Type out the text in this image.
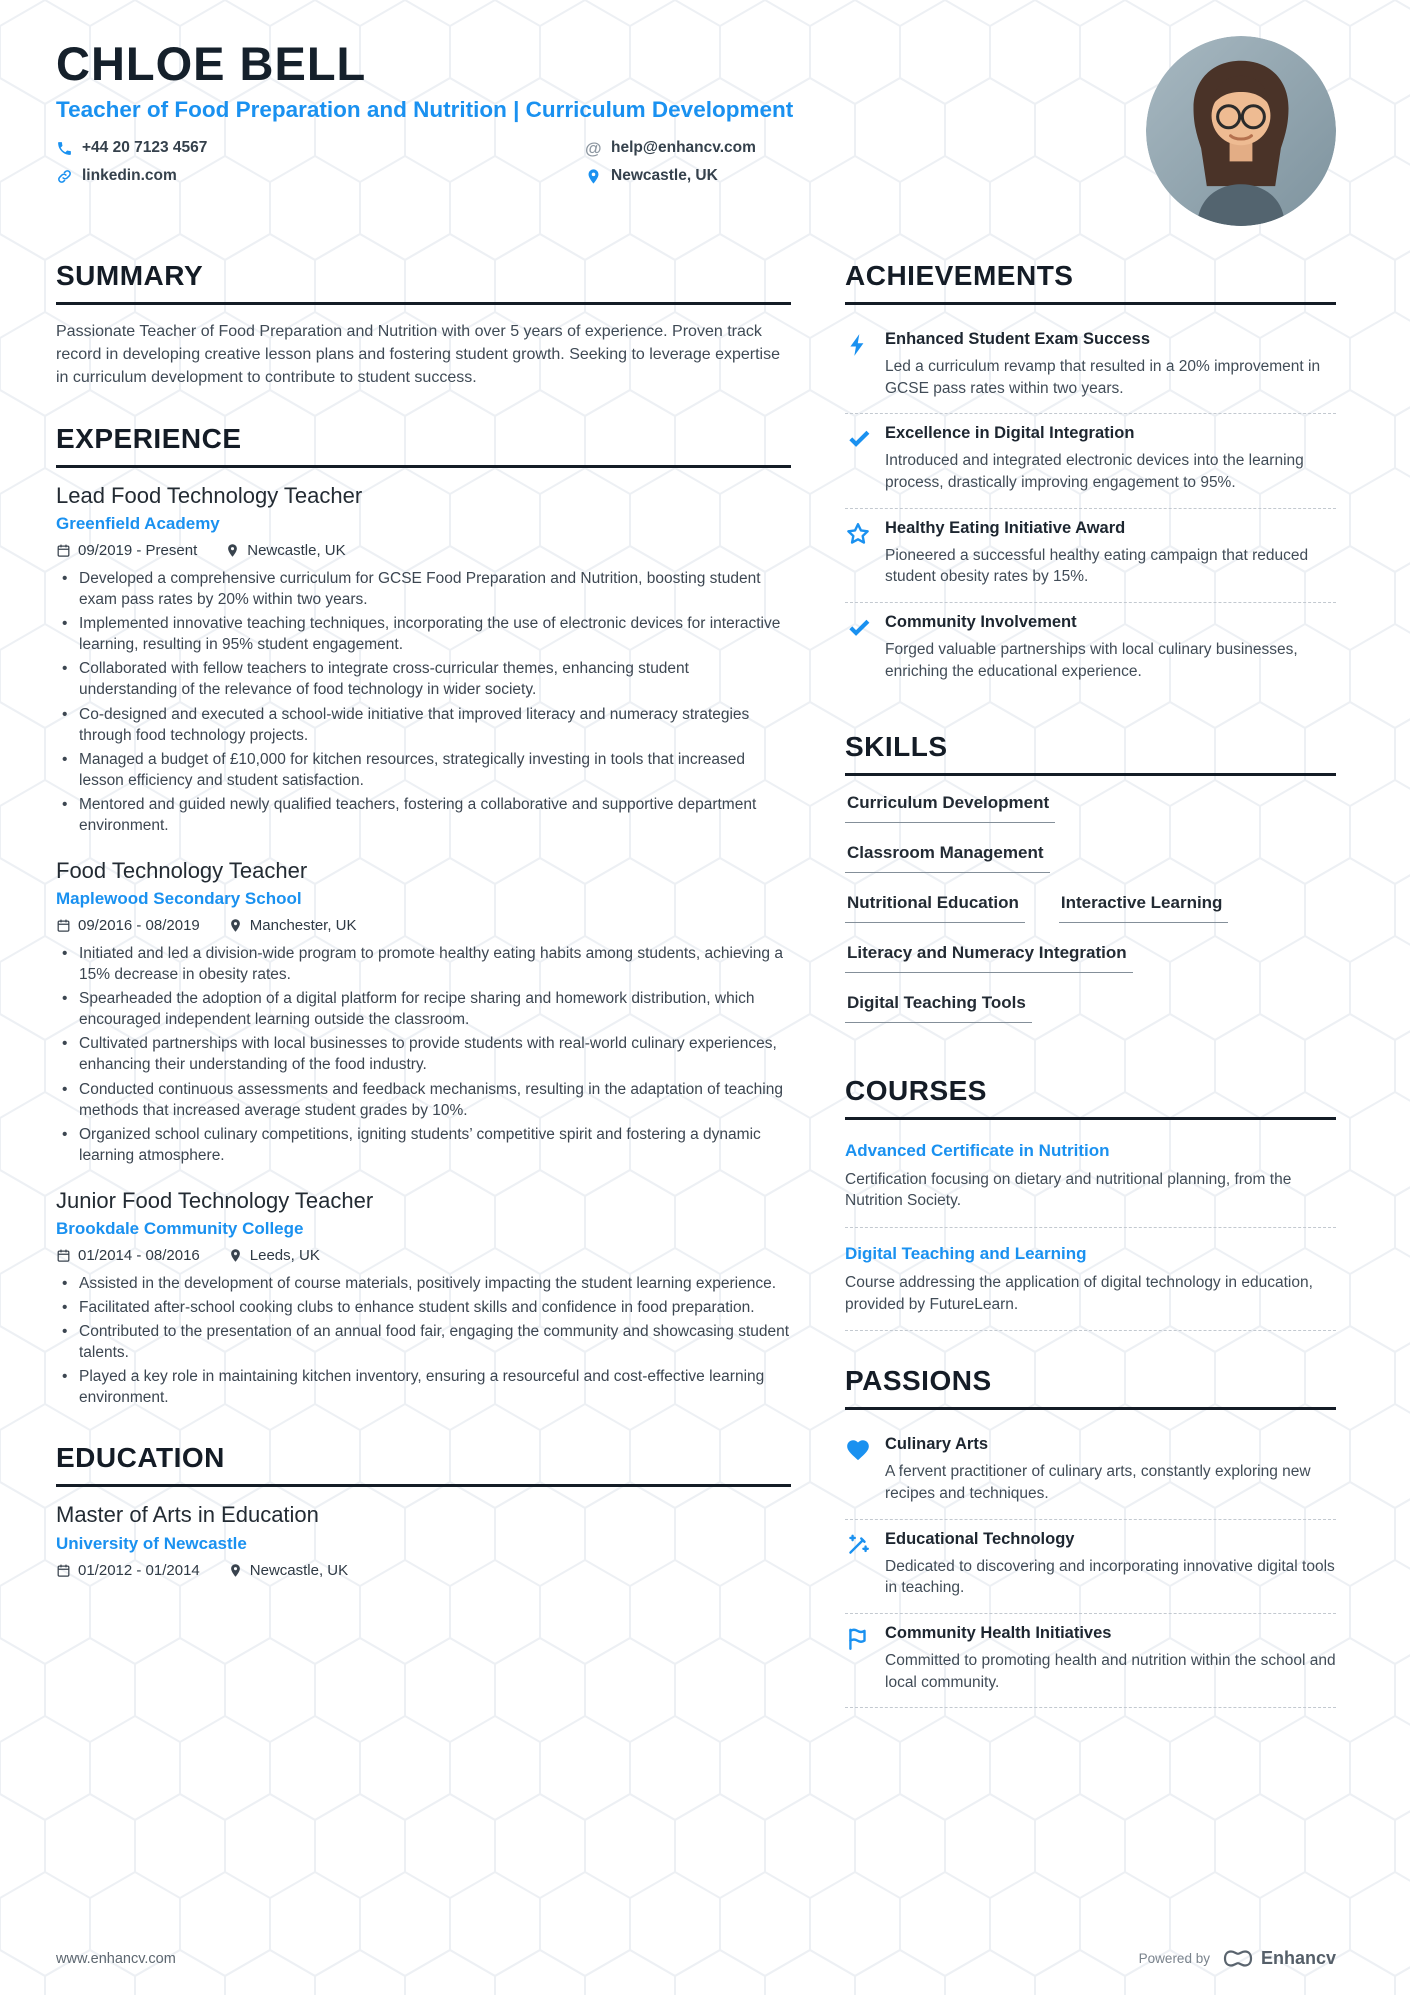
CHLOE BELL
Teacher of Food Preparation and Nutrition | Curriculum Development
+44 20 7123 4567	@ help@enhancv.com
linkedin.com	Newcastle, UK
SUMMARY

Passionate Teacher of Food Preparation and Nutrition with over 5 years of experience. Proven track record in developing creative lesson plans and fostering student growth. Seeking to leverage expertise in curriculum development to contribute to student success.

EXPERIENCE
Lead Food Technology Teacher
Greenfield Academy
09/2019 - Present	Newcastle, UK
• Developed a comprehensive curriculum for GCSE Food Preparation and Nutrition, boosting student exam pass rates by 20% within two years.
• Implemented innovative teaching techniques, incorporating the use of electronic devices for interactive learning, resulting in 95% student engagement.
• Collaborated with fellow teachers to integrate cross-curricular themes, enhancing student understanding of the relevance of food technology in wider society.
• Co-designed and executed a school-wide initiative that improved literacy and numeracy strategies through food technology projects.
• Managed a budget of £10,000 for kitchen resources, strategically investing in tools that increased lesson efficiency and student satisfaction.
• Mentored and guided newly qualified teachers, fostering a collaborative and supportive department environment.
Food Technology Teacher
Maplewood Secondary School
09/2016 - 08/2019	Manchester, UK
• Initiated and led a division-wide program to promote healthy eating habits among students, achieving a 15% decrease in obesity rates.
• Spearheaded the adoption of a digital platform for recipe sharing and homework distribution, which encouraged independent learning outside the classroom.
• Cultivated partnerships with local businesses to provide students with real-world culinary experiences, enhancing their understanding of the food industry.
• Conducted continuous assessments and feedback mechanisms, resulting in the adaptation of teaching methods that increased average student grades by 10%.
• Organized school culinary competitions, igniting students’ competitive spirit and fostering a dynamic learning atmosphere.
Junior Food Technology Teacher
Brookdale Community College
01/2014 - 08/2016	Leeds, UK
• Assisted in the development of course materials, positively impacting the student learning experience.
• Facilitated after-school cooking clubs to enhance student skills and confidence in food preparation.
• Contributed to the presentation of an annual food fair, engaging the community and showcasing student talents.
• Played a key role in maintaining kitchen inventory, ensuring a resourceful and cost-effective learning environment.
EDUCATION
Master of Arts in Education
University of Newcastle
01/2012 - 01/2014	Newcastle, UK
ACHIEVEMENTS
Enhanced Student Exam Success

Led a curriculum revamp that resulted in a 20% improvement in GCSE pass rates within two years.

Excellence in Digital Integration

Introduced and integrated electronic devices into the learning process, drastically improving engagement to 95%.

Healthy Eating Initiative Award

Pioneered a successful healthy eating campaign that reduced student obesity rates by 15%.

Community Involvement

Forged valuable partnerships with local culinary businesses, enriching the educational experience.

SKILLS
Curriculum Development
Classroom Management
Nutritional Education	Interactive Learning
Literacy and Numeracy Integration
Digital Teaching Tools
COURSES
Advanced Certificate in Nutrition

Certification focusing on dietary and nutritional planning, from the Nutrition Society.

Digital Teaching and Learning

Course addressing the application of digital technology in education, provided by FutureLearn.

PASSIONS
Culinary Arts

A fervent practitioner of culinary arts, constantly exploring new recipes and techniques.

Educational Technology

Dedicated to discovering and incorporating innovative digital tools in teaching.

Community Health Initiatives

Committed to promoting health and nutrition within the school and local community.

www.enhancv.com	Powered by	Enhancv
